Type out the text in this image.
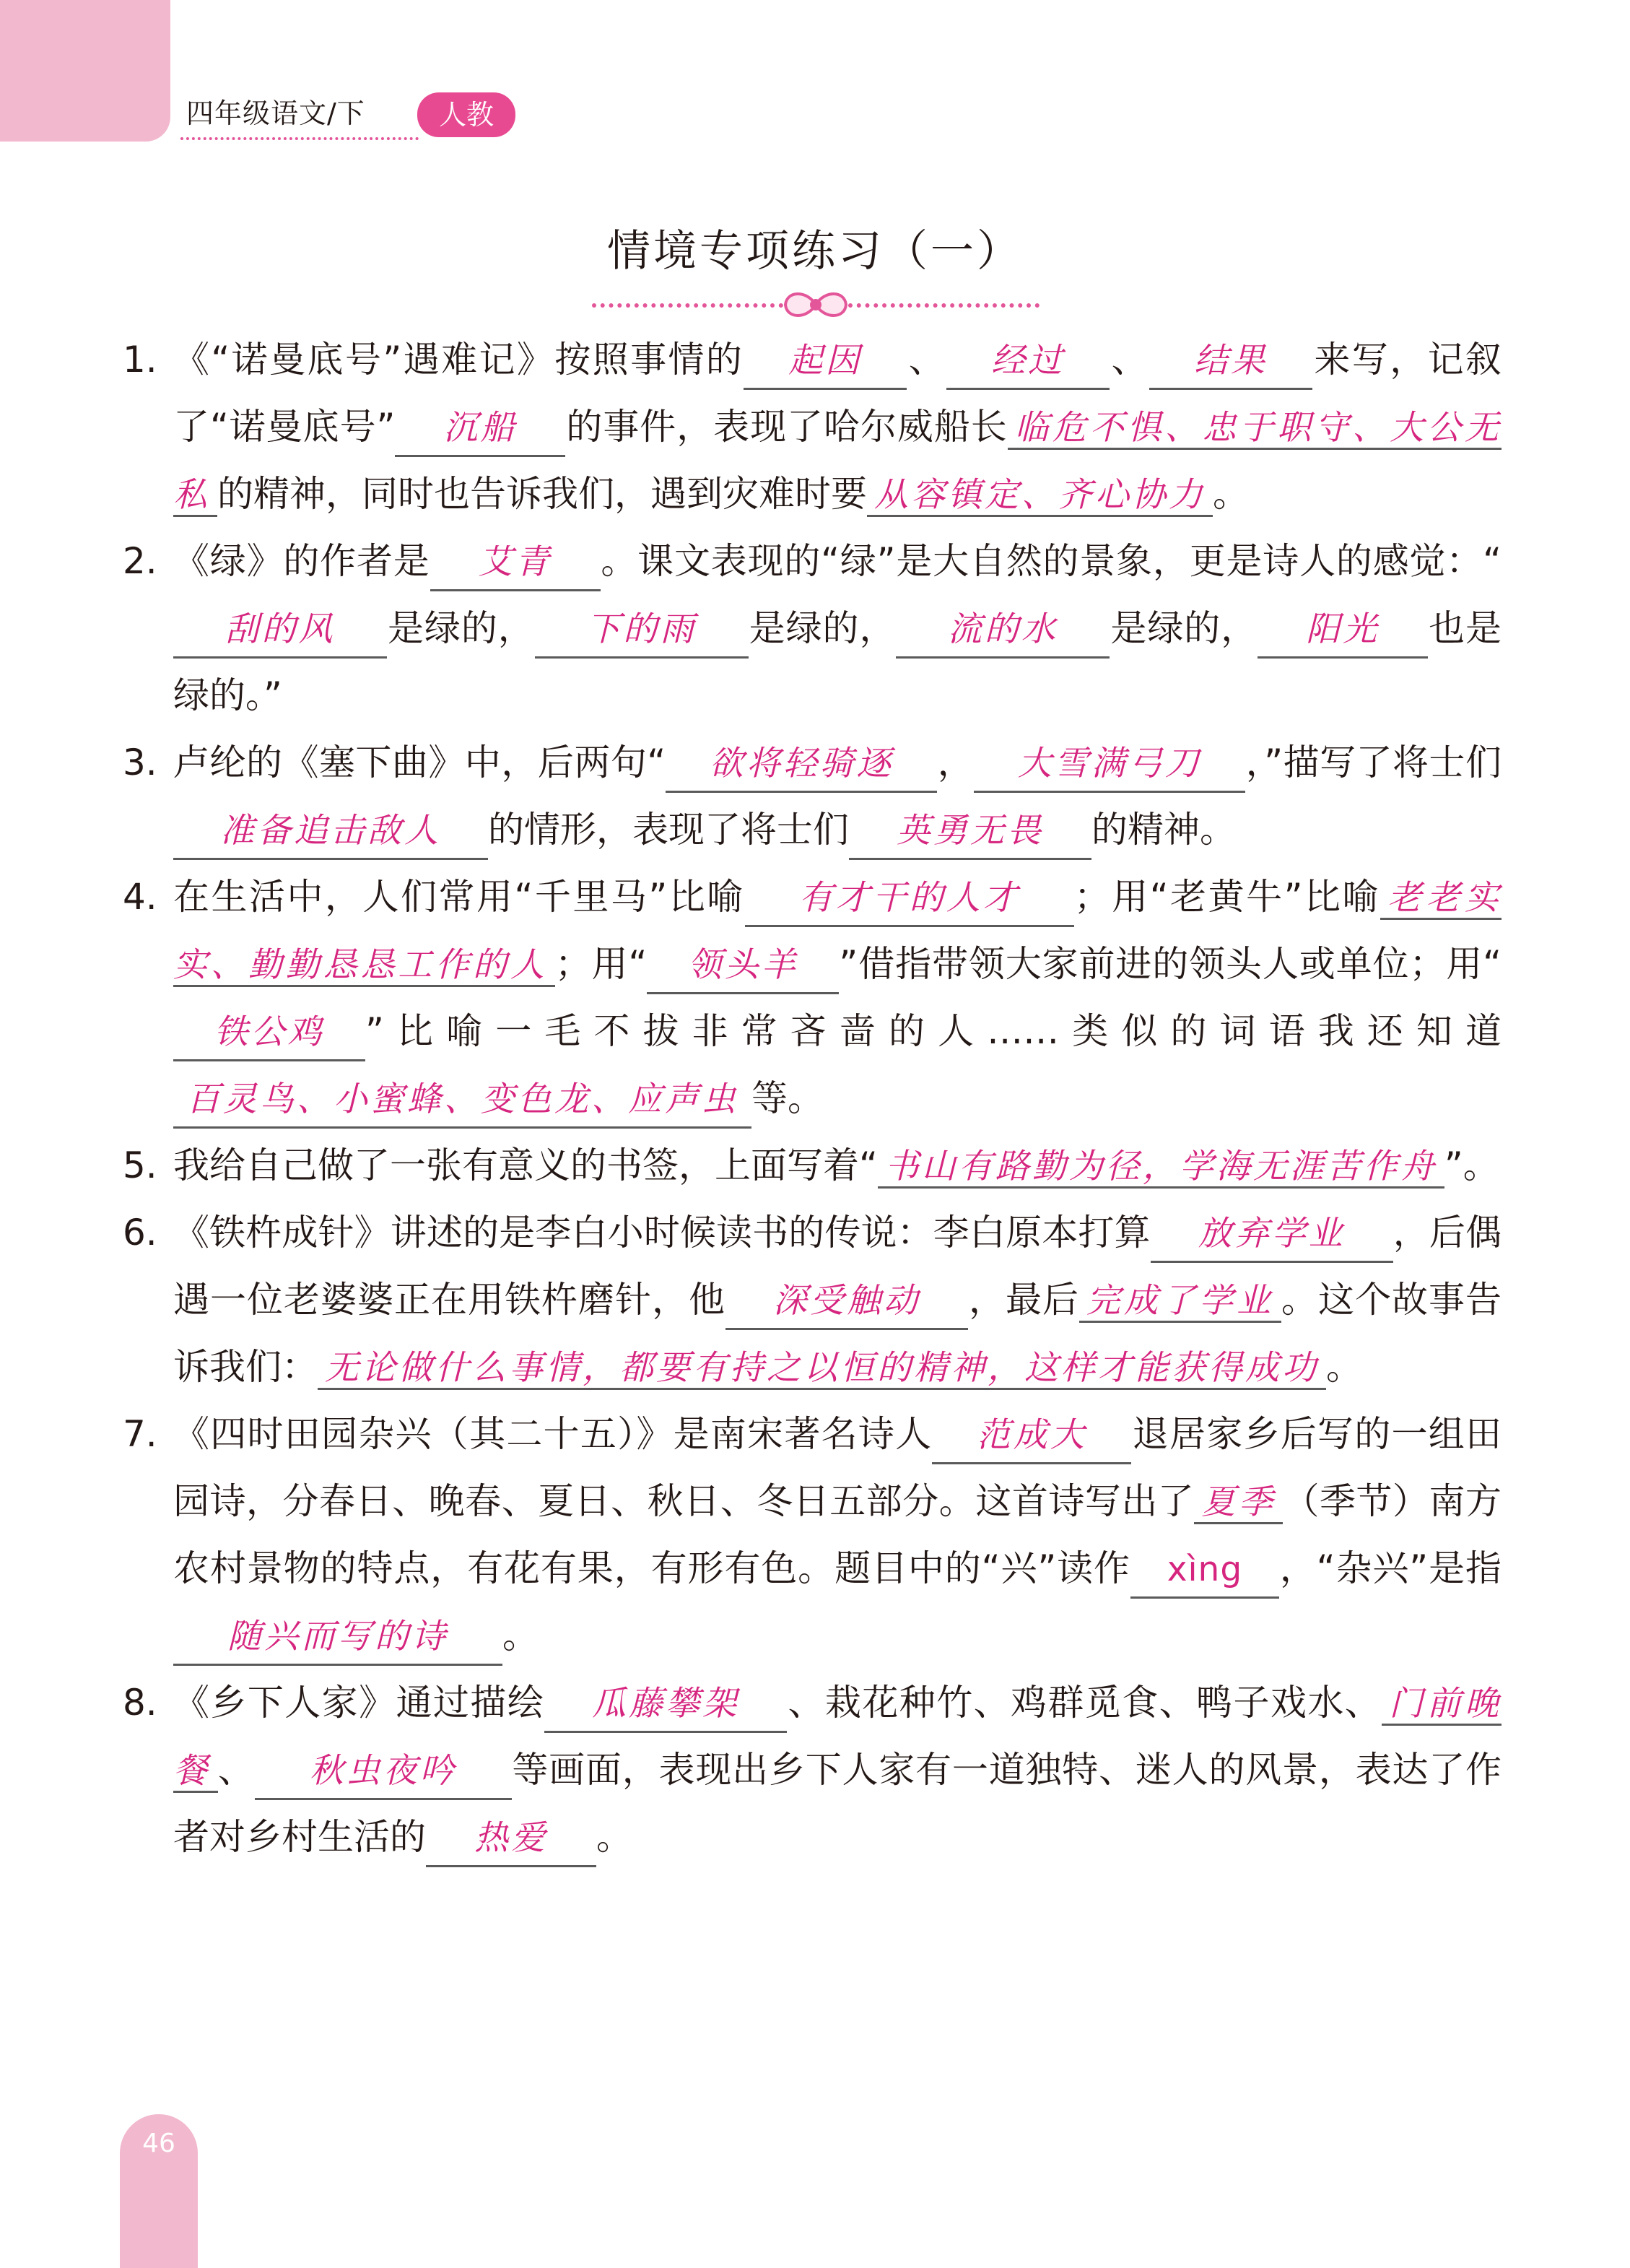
四年级语文/下	人教
情境专项练习（一）
1. 《“诺曼底号”遇难记》按照事情的 起因 、 经过 、 结果 来写，记叙了“诺曼底号” 沉船 的事件，表现了哈尔威船长 临危不惧、忠于职守、大公无私 的精神，同时也告诉我们，遇到灾难时要 从容镇定、齐心协力 。
2. 《绿》的作者是 艾青 。课文表现的“绿”是大自然的景象，更是诗人的感觉：“刮的风 是绿的， 下的雨 是绿的， 流的水 是绿的， 阳光 也是绿的。”
3. 卢纶的《塞下曲》中，后两句“ 欲将轻骑逐 ， 大雪满弓刀 ，”描写了将士们准备追击敌人 的情形，表现了将士们 英勇无畏 的精神。
4. 在生活中，人们常用“千里马”比喻 有才干的人才 ；用“老黄牛”比喻 老老实实、勤勤恳恳工作的人 ；用“ 领头羊 ”借指带领大家前进的领头人或单位；用“铁公鸡 ”比喻一毛不拔非常吝啬的人……类似的词语我还知道百灵鸟、小蜜蜂、变色龙、应声虫 等。
5. 我给自己做了一张有意义的书签，上面写着“ 书山有路勤为径，学海无涯苦作舟 ”。
6. 《铁杵成针》讲述的是李白小时候读书的传说：李白原本打算 放弃学业 ，后偶遇一位老婆婆正在用铁杵磨针，他 深受触动 ，最后 完成了学业 。这个故事告诉我们： 无论做什么事情，都要有持之以恒的精神，这样才能获得成功 。
7. 《四时田园杂兴（其二十五）》是南宋著名诗人 范成大 退居家乡后写的一组田园诗，分春日、晚春、夏日、秋日、冬日五部分。这首诗写出了 夏季 （季节）南方农村景物的特点，有花有果，有形有色。题目中的“兴”读作 xìng ，“杂兴”是指随兴而写的诗 。
8. 《乡下人家》通过描绘 瓜藤攀架 、栽花种竹、鸡群觅食、鸭子戏水、 门前晚餐 、 秋虫夜吟 等画面，表现出乡下人家有一道独特、迷人的风景，表达了作者对乡村生活的 热爱 。
46
